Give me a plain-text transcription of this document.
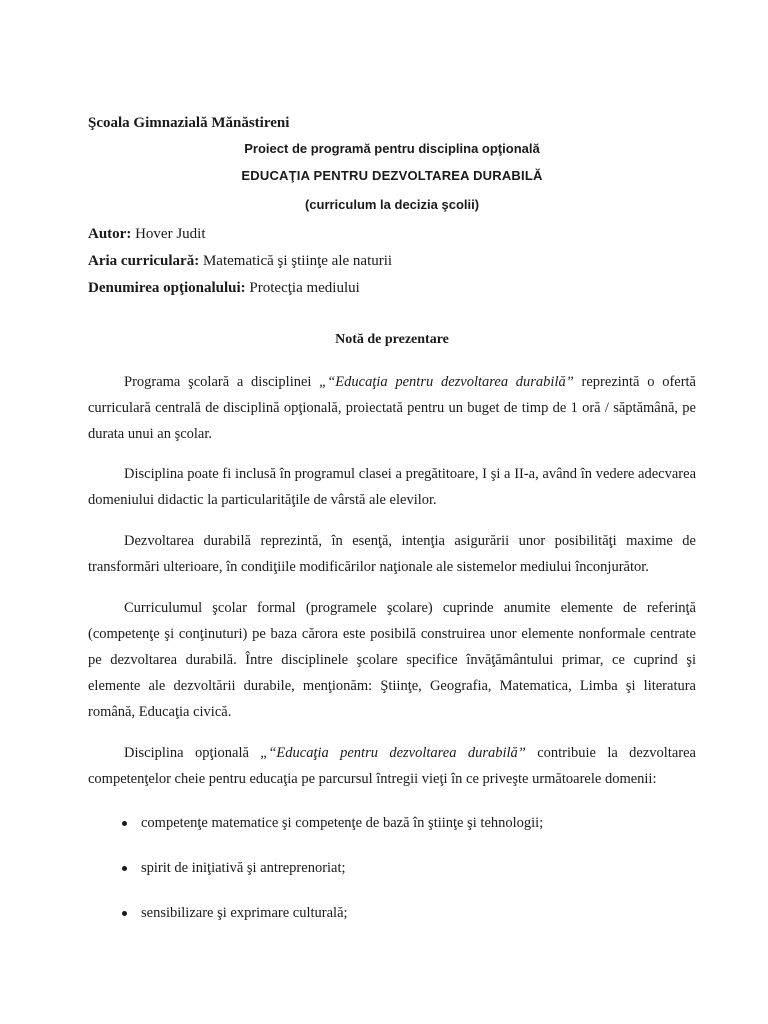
Şcoala Gimnazială Mănăstireni
Proiect de programă pentru disciplina opţională
EDUCAŢIA PENTRU DEZVOLTAREA DURABILĂ
(curriculum la decizia şcolii)
Autor: Hover Judit
Aria curriculară: Matematică şi ştiinţe ale naturii
Denumirea opţionalului: Protecţia mediului
Notă de prezentare

Programa şcolară a disciplinei „“Educaţia pentru dezvoltarea durabilă” reprezintă o ofertă curriculară centrală de disciplină opţională, proiectată pentru un buget de timp de 1 oră / săptămână, pe durata unui an şcolar.

Disciplina poate fi inclusă în programul clasei a pregătitoare, I şi a II-a, având în vedere adecvarea domeniului didactic la particularităţile de vârstă ale elevilor.

Dezvoltarea durabilă reprezintă, în esenţă, intenţia asigurării unor posibilităţi maxime de transformări ulterioare, în condiţiile modificărilor naţionale ale sistemelor mediului înconjurător.

Curriculumul şcolar formal (programele şcolare) cuprinde anumite elemente de referinţă (competenţe şi conţinuturi) pe baza cărora este posibilă construirea unor elemente nonformale centrate pe dezvoltarea durabilă. Între disciplinele şcolare specifice învăţământului primar, ce cuprind şi elemente ale dezvoltării durabile, menţionăm: Ştiinţe, Geografia, Matematica, Limba şi literatura română, Educaţia civică.

Disciplina opţională „“Educaţia pentru dezvoltarea durabilă” contribuie la dezvoltarea competenţelor cheie pentru educaţia pe parcursul întregii vieţi în ce priveşte următoarele domenii:

competenţe matematice şi competenţe de bază în ştiinţe şi tehnologii;
spirit de iniţiativă şi antreprenoriat;
sensibilizare şi exprimare culturală;
